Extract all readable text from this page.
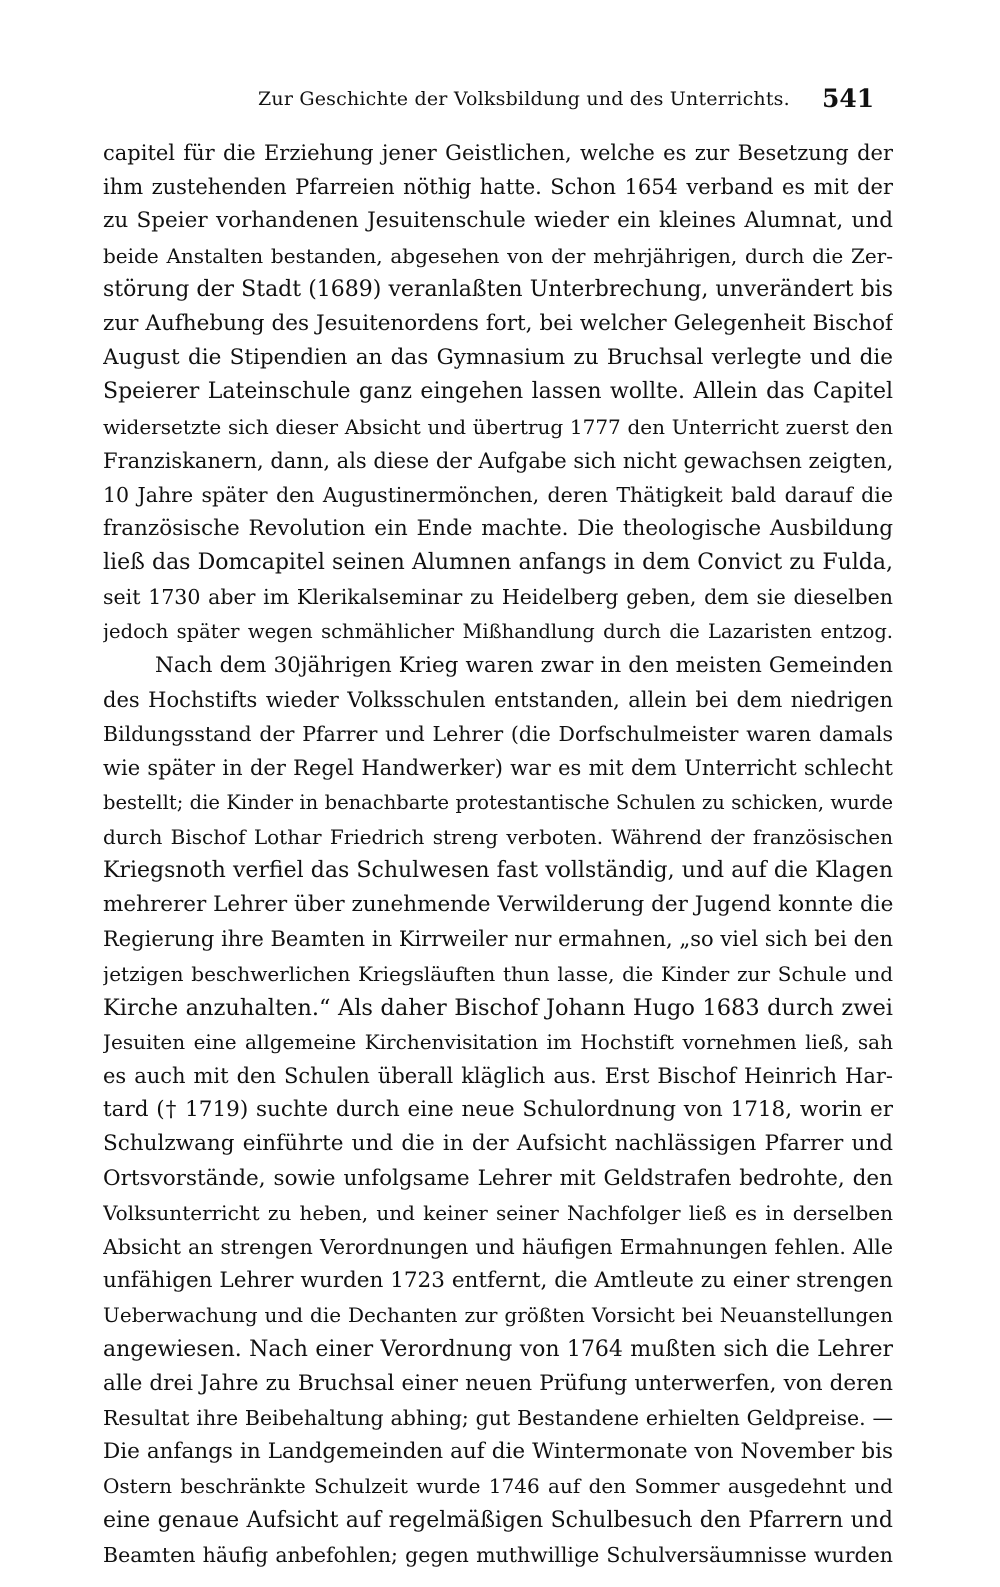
Zur Geschichte der Volksbildung und des Unterrichts. 541
capitel für die Erziehung jener Geistlichen, welche es zur Besetzung der
ihm zustehenden Pfarreien nöthig hatte. Schon 1654 verband es mit der
zu Speier vorhandenen Jesuitenschule wieder ein kleines Alumnat, und
beide Anstalten bestanden, abgesehen von der mehrjährigen, durch die Zer-
störung der Stadt (1689) veranlaßten Unterbrechung, unverändert bis
zur Aufhebung des Jesuitenordens fort, bei welcher Gelegenheit Bischof
August die Stipendien an das Gymnasium zu Bruchsal verlegte und die
Speierer Lateinschule ganz eingehen lassen wollte. Allein das Capitel
widersetzte sich dieser Absicht und übertrug 1777 den Unterricht zuerst den
Franziskanern, dann, als diese der Aufgabe sich nicht gewachsen zeigten,
10 Jahre später den Augustinermönchen, deren Thätigkeit bald darauf die
französische Revolution ein Ende machte. Die theologische Ausbildung
ließ das Domcapitel seinen Alumnen anfangs in dem Convict zu Fulda,
seit 1730 aber im Klerikalseminar zu Heidelberg geben, dem sie dieselben
jedoch später wegen schmählicher Mißhandlung durch die Lazaristen entzog.
Nach dem 30jährigen Krieg waren zwar in den meisten Gemeinden
des Hochstifts wieder Volksschulen entstanden, allein bei dem niedrigen
Bildungsstand der Pfarrer und Lehrer (die Dorfschulmeister waren damals
wie später in der Regel Handwerker) war es mit dem Unterricht schlecht
bestellt; die Kinder in benachbarte protestantische Schulen zu schicken, wurde
durch Bischof Lothar Friedrich streng verboten. Während der französischen
Kriegsnoth verfiel das Schulwesen fast vollständig, und auf die Klagen
mehrerer Lehrer über zunehmende Verwilderung der Jugend konnte die
Regierung ihre Beamten in Kirrweiler nur ermahnen, „so viel sich bei den
jetzigen beschwerlichen Kriegsläuften thun lasse, die Kinder zur Schule und
Kirche anzuhalten.“ Als daher Bischof Johann Hugo 1683 durch zwei
Jesuiten eine allgemeine Kirchenvisitation im Hochstift vornehmen ließ, sah
es auch mit den Schulen überall kläglich aus. Erst Bischof Heinrich Har-
tard († 1719) suchte durch eine neue Schulordnung von 1718, worin er
Schulzwang einführte und die in der Aufsicht nachlässigen Pfarrer und
Ortsvorstände, sowie unfolgsame Lehrer mit Geldstrafen bedrohte, den
Volksunterricht zu heben, und keiner seiner Nachfolger ließ es in derselben
Absicht an strengen Verordnungen und häufigen Ermahnungen fehlen. Alle
unfähigen Lehrer wurden 1723 entfernt, die Amtleute zu einer strengen
Ueberwachung und die Dechanten zur größten Vorsicht bei Neuanstellungen
angewiesen. Nach einer Verordnung von 1764 mußten sich die Lehrer
alle drei Jahre zu Bruchsal einer neuen Prüfung unterwerfen, von deren
Resultat ihre Beibehaltung abhing; gut Bestandene erhielten Geldpreise. —
Die anfangs in Landgemeinden auf die Wintermonate von November bis
Ostern beschränkte Schulzeit wurde 1746 auf den Sommer ausgedehnt und
eine genaue Aufsicht auf regelmäßigen Schulbesuch den Pfarrern und
Beamten häufig anbefohlen; gegen muthwillige Schulversäumnisse wurden
